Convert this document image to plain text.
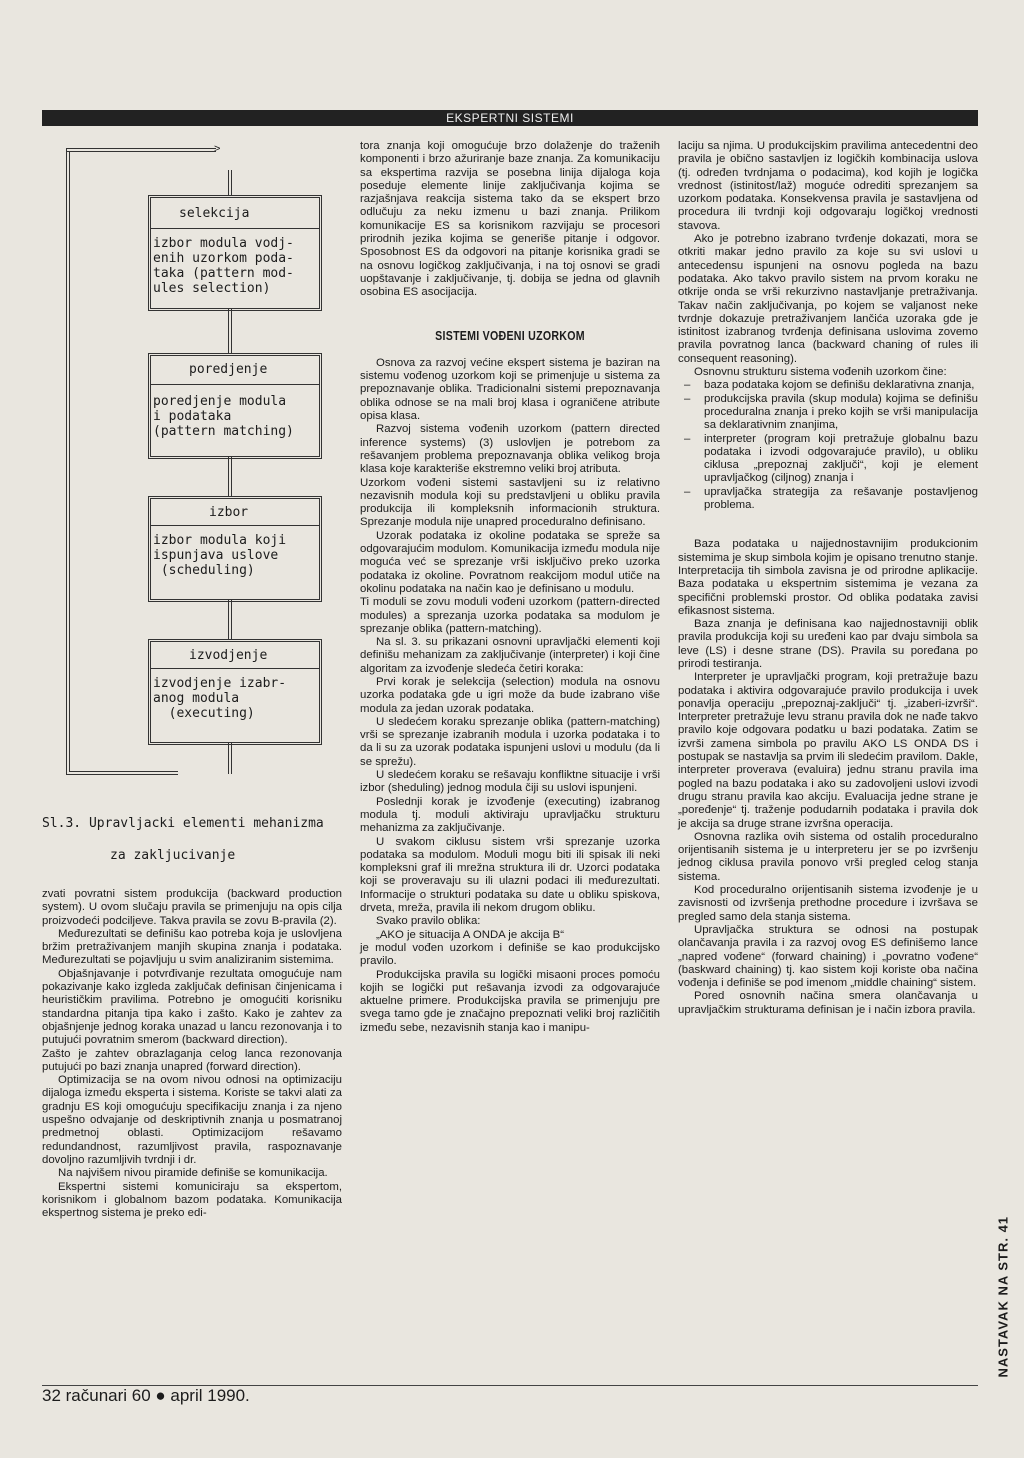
EKSPERTNI SISTEMI
>
selekcija
izbor modula vodj-
enih uzorkom poda-
taka (pattern mod-
ules selection)
poredjenje
poredjenje modula
i podataka
(pattern matching)
izbor
izbor modula koji
ispunjava uslove
(scheduling)
izvodjenje
izvodjenje izabr-
anog modula
(executing)
Sl.3. Upravljacki elementi mehanizma
za zakljucivanje

zvati povratni sistem produkcija (backward production system). U ovom slučaju pravila se primenjuju na opis cilja proizvodeći podciljeve. Takva pravila se zovu B-pravila (2).

Međurezultati se definišu kao potreba koja je uslovljena bržim pretraživanjem manjih skupina znanja i podataka. Međurezultati se pojavljuju u svim analiziranim sistemima.

Objašnjavanje i potvrđivanje rezultata omogućuje nam pokazivanje kako izgleda zaključak definisan činjenicama i heurističkim pravilima. Potrebno je omogućiti korisniku standardna pitanja tipa kako i zašto. Kako je zahtev za objašnjenje jednog koraka unazad u lancu rezonovanja i to putujući povratnim smerom (backward direction).

Zašto je zahtev obrazlaganja celog lanca rezonovanja putujući po bazi znanja unapred (forward direction).

Optimizacija se na ovom nivou odnosi na optimizaciju dijaloga između eksperta i sistema. Koriste se takvi alati za gradnju ES koji omogućuju specifikaciju znanja i za njeno uspešno odvajanje od deskriptivnih znanja u posmatranoj predmetnoj oblasti. Optimizacijom rešavamo redundandnost, razumljivost pravila, raspoznavanje dovoljno razumljivih tvrdnji i dr.

Na najvišem nivou piramide definiše se komunikacija.

Ekspertni sistemi komuniciraju sa ekspertom, korisnikom i globalnom bazom podataka. Komunikacija ekspertnog sistema je preko edi-

tora znanja koji omogućuje brzo dolaženje do traženih komponenti i brzo ažuriranje baze znanja. Za komunikaciju sa ekspertima razvija se posebna linija dijaloga koja poseduje elemente linije zaključivanja kojima se razjašnjava reakcija sistema tako da se ekspert brzo odlučuju za neku izmenu u bazi znanja. Prilikom komunikacije ES sa korisnikom razvijaju se procesori prirodnih jezika kojima se generiše pitanje i odgovor. Sposobnost ES da odgovori na pitanje korisnika gradi se na osnovu logičkog zaključivanja, i na toj osnovi se gradi uopštavanje i zaključivanje, tj. dobija se jedna od glavnih osobina ES asocijacija.

SISTEMI VOĐENI UZORKOM

Osnova za razvoj većine ekspert sistema je baziran na sistemu vođenog uzorkom koji se primenjuje u sistema za prepoznavanje oblika. Tradicionalni sistemi prepoznavanja oblika odnose se na mali broj klasa i ograničene atribute opisa klasa.

Razvoj sistema vođenih uzorkom (pattern directed inference systems) (3) uslovljen je potrebom za rešavanjem problema prepoznavanja oblika velikog broja klasa koje karakteriše ekstremno veliki broj atributa.

Uzorkom vođeni sistemi sastavljeni su iz relativno nezavisnih modula koji su predstavljeni u obliku pravila produkcija ili kompleksnih informacionih struktura. Sprezanje modula nije unapred proceduralno definisano.

Uzorak podataka iz okoline podataka se spreže sa odgovarajućim modulom. Komunikacija između modula nije moguća već se sprezanje vrši isključivo preko uzorka podataka iz okoline. Povratnom reakcijom modul utiče na okolinu podataka na način kao je definisano u modulu.

Ti moduli se zovu moduli vođeni uzorkom (pattern-directed modules) a sprezanja uzorka podataka sa modulom je sprezanje oblika (pattern-matching).

Na sl. 3. su prikazani osnovni upravljački elementi koji definišu mehanizam za zaključivanje (interpreter) i koji čine algoritam za izvođenje sledeća četiri koraka:

Prvi korak je selekcija (selection) modula na osnovu uzorka podataka gde u igri može da bude izabrano više modula za jedan uzorak podataka.

U sledećem koraku sprezanje oblika (pattern-matching) vrši se sprezanje izabranih modula i uzorka podataka i to da li su za uzorak podataka ispunjeni uslovi u modulu (da li se sprežu).

U sledećem koraku se rešavaju konfliktne situacije i vrši izbor (sheduling) jednog modula čiji su uslovi ispunjeni.

Poslednji korak je izvođenje (executing) izabranog modula tj. moduli aktiviraju upravljačku strukturu mehanizma za zaključivanje.

U svakom ciklusu sistem vrši sprezanje uzorka podataka sa modulom. Moduli mogu biti ili spisak ili neki kompleksni graf ili mrežna struktura ili dr. Uzorci podataka koji se proveravaju su ili ulazni podaci ili međurezultati. Informacije o strukturi podataka su date u obliku spiskova, drveta, mreža, pravila ili nekom drugom obliku.

Svako pravilo oblika:

„AKO je situacija A ONDA je akcija B“

je modul vođen uzorkom i definiše se kao produkcijsko pravilo.

Produkcijska pravila su logički misaoni proces pomoću kojih se logički put rešavanja izvodi za odgovarajuće aktuelne primere. Produkcijska pravila se primenjuju pre svega tamo gde je značajno prepoznati veliki broj različitih između sebe, nezavisnih stanja kao i manipu-

laciju sa njima. U produkcijskim pravilima antecedentni deo pravila je obično sastavljen iz logičkih kombinacija uslova (tj. određen tvrdnjama o podacima), kod kojih je logička vrednost (istinitost/laž) moguće odrediti sprezanjem sa uzorkom podataka. Konsekvensa pravila je sastavljena od procedura ili tvrdnji koji odgovaraju logičkoj vrednosti stavova.

Ako je potrebno izabrano tvrđenje dokazati, mora se otkriti makar jedno pravilo za koje su svi uslovi u antecedensu ispunjeni na osnovu pogleda na bazu podataka. Ako takvo pravilo sistem na prvom koraku ne otkrije onda se vrši rekurzivno nastavljanje pretraživanja. Takav način zaključivanja, po kojem se valjanost neke tvrdnje dokazuje pretraživanjem lančića uzoraka gde je istinitost izabranog tvrđenja definisana uslovima zovemo pravila povratnog lanca (backward chaning of rules ili consequent reasoning).

Osnovnu strukturu sistema vođenih uzorkom čine:

– baza podataka kojom se definišu deklarativna znanja,
– produkcijska pravila (skup modula) kojima se definišu proceduralna znanja i preko kojih se vrši manipulacija sa deklarativnim znanjima,
– interpreter (program koji pretražuje globalnu bazu podataka i izvodi odgovarajuće pravilo), u obliku ciklusa „prepoznaj zaključi“, koji je element upravljačkog (ciljnog) znanja i
– upravljačka strategija za rešavanje postavljenog problema.

Baza podataka u najjednostavnijim produkcionim sistemima je skup simbola kojim je opisano trenutno stanje. Interpretacija tih simbola zavisna je od prirodne aplikacije. Baza podataka u ekspertnim sistemima je vezana za specifični problemski prostor. Od oblika podataka zavisi efikasnost sistema.

Baza znanja je definisana kao najjednostavniji oblik pravila produkcija koji su uređeni kao par dvaju simbola sa leve (LS) i desne strane (DS). Pravila su poređana po prirodi testiranja.

Interpreter je upravljački program, koji pretražuje bazu podataka i aktivira odgovarajuće pravilo produkcija i uvek ponavlja operaciju „prepoznaj-zaključi“ tj. „izaberi-izvrši“. Interpreter pretražuje levu stranu pravila dok ne nađe takvo pravilo koje odgovara podatku u bazi podataka. Zatim se izvrši zamena simbola po pravilu AKO LS ONDA DS i postupak se nastavlja sa prvim ili sledećim pravilom. Dakle, interpreter proverava (evaluira) jednu stranu pravila ima pogled na bazu podataka i ako su zadovoljeni uslovi izvodi drugu stranu pravila kao akciju. Evaluacija jedne strane je „poređenje“ tj. traženje podudarnih podataka i pravila dok je akcija sa druge strane izvršna operacija.

Osnovna razlika ovih sistema od ostalih proceduralno orijentisanih sistema je u interpreteru jer se po izvršenju jednog ciklusa pravila ponovo vrši pregled celog stanja sistema.

Kod proceduralno orijentisanih sistema izvođenje je u zavisnosti od izvršenja prethodne procedure i izvršava se pregled samo dela stanja sistema.

Upravljačka struktura se odnosi na postupak olančavanja pravila i za razvoj ovog ES definišemo lance „napred vođene“ (forward chaining) i „povratno vođene“ (baskward chaining) tj. kao sistem koji koriste oba načina vođenja i definiše se pod imenom „middle chaining“ sistem.

Pored osnovnih načina smera olančavanja u upravljačkim strukturama definisan je i način izbora pravila.

NASTAVAK NA STR. 41
32 računari 60 ● april 1990.
